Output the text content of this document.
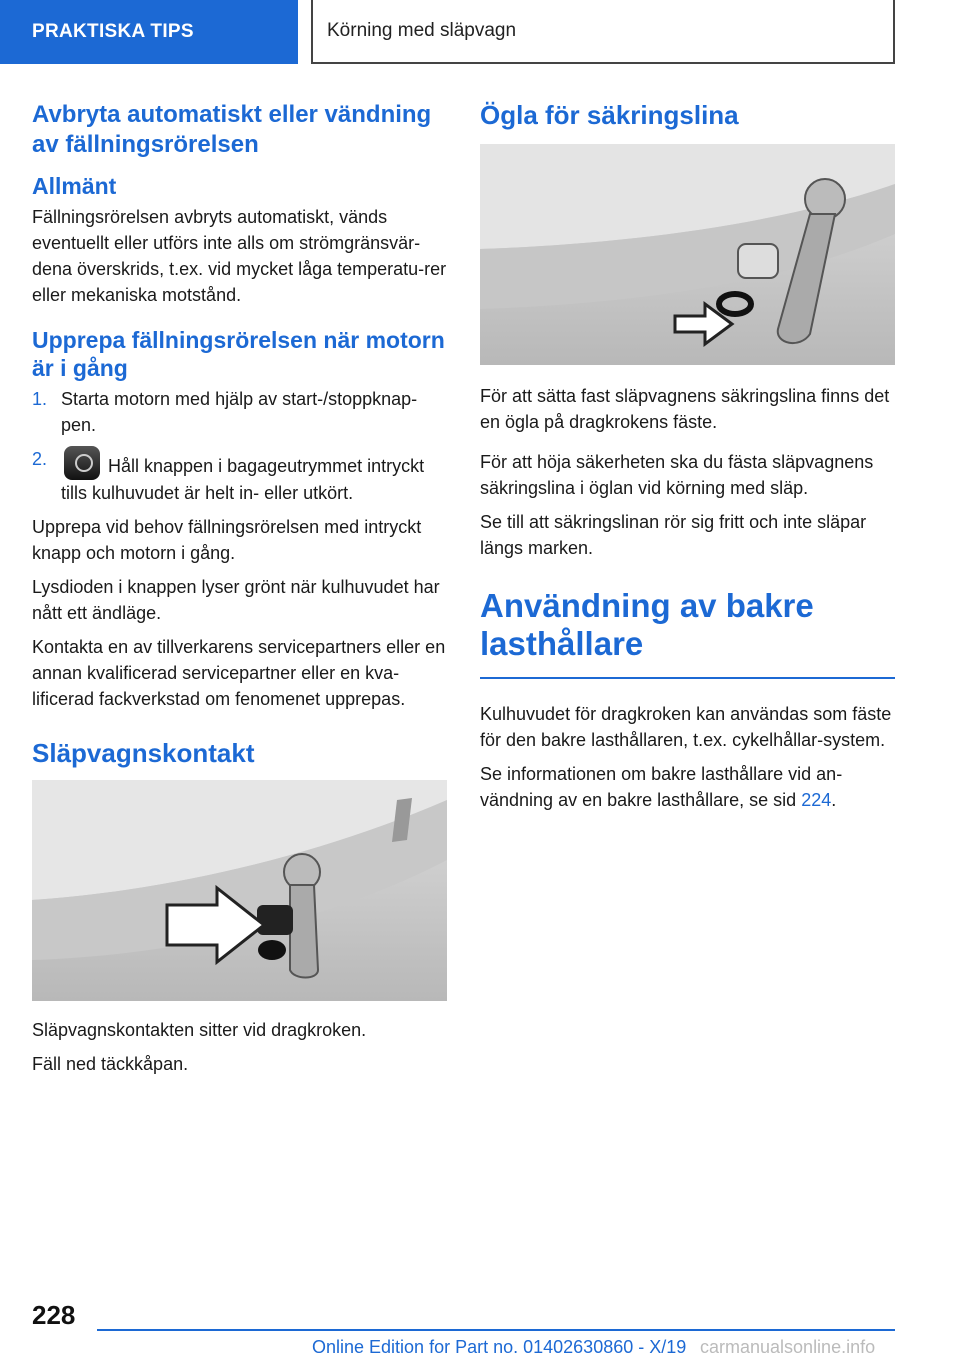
PRAKTISKA TIPS	Körning med släpvagn
Avbryta automatiskt eller vändning av fällningsrörelsen
Allmänt

Fällningsrörelsen avbryts automatiskt, vänds eventuellt eller utförs inte alls om strömgränsvär-dena överskrids, t.ex. vid mycket låga temperatu-rer eller mekaniska motstånd.

Upprepa fällningsrörelsen när motorn är i gång
1. Starta motorn med hjälp av start-/stoppknap-pen.
2.	Håll knappen i bagageutrymmet intryckt tills kulhuvudet är helt in- eller utkört.

Upprepa vid behov fällningsrörelsen med intryckt knapp och motorn i gång.

Lysdioden i knappen lyser grönt när kulhuvudet har nått ett ändläge.

Kontakta en av tillverkarens servicepartners eller en annan kvalificerad servicepartner eller en kva-lificerad fackverkstad om fenomenet upprepas.

Släpvagnskontakt

Släpvagnskontakten sitter vid dragkroken.

Fäll ned täckkåpan.

Ögla för säkringslina

För att sätta fast släpvagnens säkringslina finns det en ögla på dragkrokens fäste.

För att höja säkerheten ska du fästa släpvagnens säkringslina i öglan vid körning med släp.

Se till att säkringslinan rör sig fritt och inte släpar längs marken.

Användning av bakre lasthållare

Kulhuvudet för dragkroken kan användas som fäste för den bakre lasthållaren, t.ex. cykelhållar-system.

Se informationen om bakre lasthållare vid an-vändning av en bakre lasthållare, se sid 224.

228
Online Edition for Part no. 01402630860 - X/19 carmanualsonline.info
